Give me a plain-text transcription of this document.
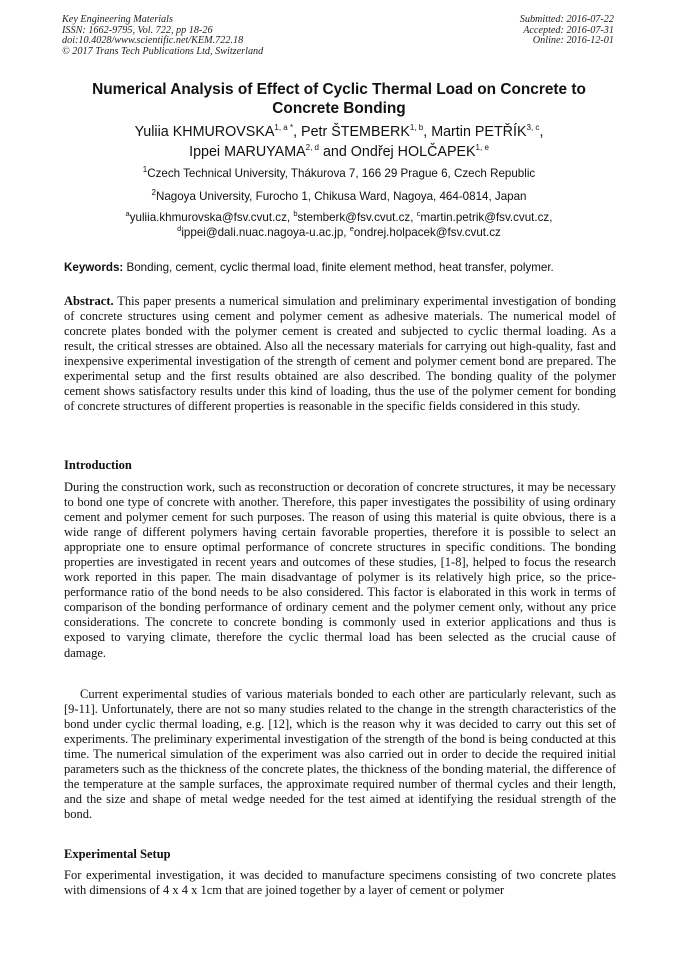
Key Engineering Materials
ISSN: 1662-9795, Vol. 722, pp 18-26
doi:10.4028/www.scientific.net/KEM.722.18
© 2017 Trans Tech Publications Ltd, Switzerland
Submitted: 2016-07-22
Accepted: 2016-07-31
Online: 2016-12-01
Numerical Analysis of Effect of Cyclic Thermal Load on Concrete to Concrete Bonding
Yuliia $KHMUROVSKA^{1, a *}$, Petr ŠTEMBERK$^{1, b}$, Martin PETŘÍK$^{3, c}$,
Ippei MARUYAMA$^{2, d}$ and Ondřej HOLČAPEK$^{1, e}$
$^1$Czech Technical University, Thákurova 7, 166 29 Prague 6, Czech Republic
$^2$Nagoya University, Furocho 1, Chikusa Ward, Nagoya, 464-0814, Japan
$^a$yuliia.khmurovska@fsv.cvut.cz, $^b$stemberk@fsv.cvut.cz, $^c$martin.petrik@fsv.cvut.cz,
$^d$ippei@dali.nuac.nagoya-u.ac.jp, $^e$ondrej.holpacek@fsv.cvut.cz
Keywords: Bonding, cement, cyclic thermal load, finite element method, heat transfer, polymer.
Abstract. This paper presents a numerical simulation and preliminary experimental investigation of bonding of concrete structures using cement and polymer cement as adhesive materials. The numerical model of concrete plates bonded with the polymer cement is created and subjected to cyclic thermal loading. As a result, the critical stresses are obtained. Also all the necessary materials for carrying out high-quality, fast and inexpensive experimental investigation of the strength of cement and polymer cement bond are prepared. The experimental setup and the first results obtained are also described. The bonding quality of the polymer cement shows satisfactory results under this kind of loading, thus the use of the polymer cement for bonding of concrete structures of different properties is reasonable in the specific fields considered in this study.
Introduction
During the construction work, such as reconstruction or decoration of concrete structures, it may be necessary to bond one type of concrete with another. Therefore, this paper investigates the possibility of using ordinary cement and polymer cement for such purposes. The reason of using this material is quite obvious, there is a wide range of different polymers having certain favorable properties, therefore it is possible to select an appropriate one to ensure optimal performance of concrete structures in specific conditions. The bonding properties are investigated in recent years and outcomes of these studies, [1-8], helped to focus the research work reported in this paper. The main disadvantage of polymer is its relatively high price, so the price-performance ratio of the bond needs to be also considered. This factor is elaborated in this work in terms of comparison of the bonding performance of ordinary cement and the polymer cement only, without any price considerations. The concrete to concrete bonding is commonly used in exterior applications and thus is exposed to varying climate, therefore the cyclic thermal load has been selected as the crucial cause of damage.
Current experimental studies of various materials bonded to each other are particularly relevant, such as [9-11]. Unfortunately, there are not so many studies related to the change in the strength characteristics of the bond under cyclic thermal loading, e.g. [12], which is the reason why it was decided to carry out this set of experiments. The preliminary experimental investigation of the strength of the bond is being conducted at this time. The numerical simulation of the experiment was also carried out in order to decide the required initial parameters such as the thickness of the concrete plates, the thickness of the bonding material, the difference of the temperature at the sample surfaces, the approximate required number of thermal cycles and their length, and the size and shape of metal wedge needed for the test aimed at identifying the residual strength of the bond.
Experimental Setup
For experimental investigation, it was decided to manufacture specimens consisting of two concrete plates with dimensions of 4 x 4 x 1cm that are joined together by a layer of cement or polymer
